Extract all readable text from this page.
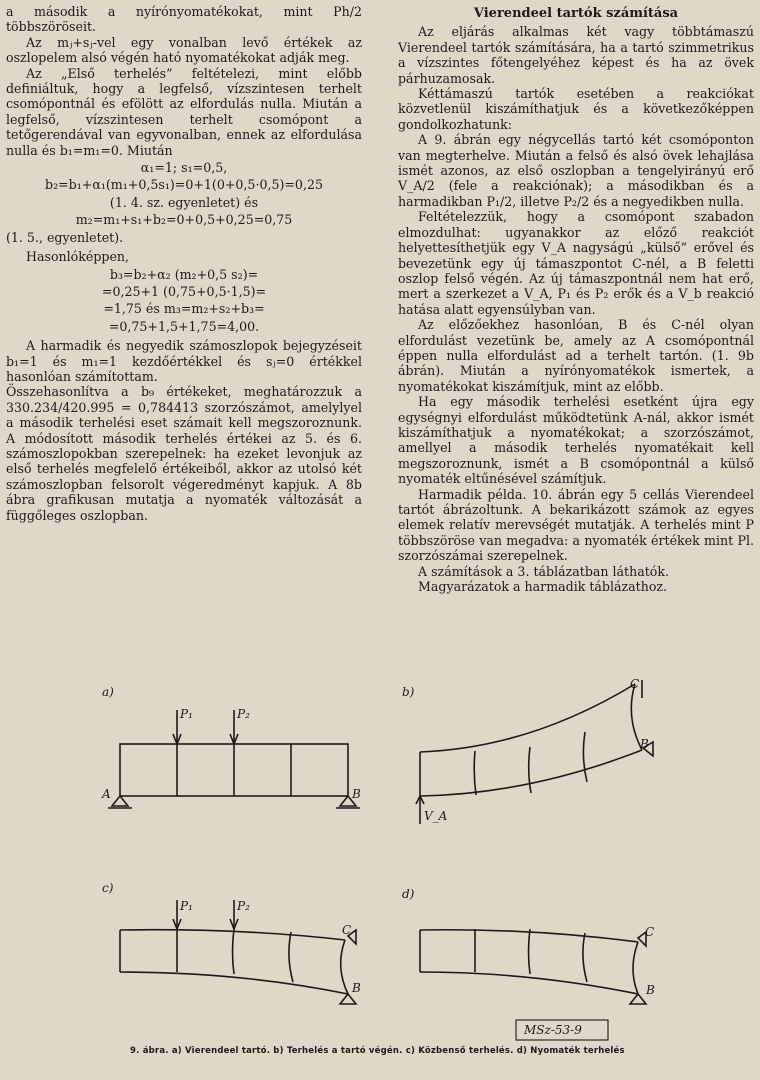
a második a nyírónyomatékokat, mint Ph/2 többszöröseit.

Az mⱼ+sⱼ-vel egy vonalban levő értékek az oszlopelem alsó végén ható nyomatékokat adják meg.

Az „Első terhelés” feltételezi, mint előbb definiáltuk, hogy a legfelső, vízszintesen terhelt csomópontnál és efölött az elfordulás nulla. Miután a legfelső, vízszintesen terhelt csomópont a tetőgerendával van egyvonalban, ennek az elfordulása nulla és b₁=m₁=0. Miután

α₁=1; s₁=0,5,
b₂=b₁+α₁(m₁+0,5s₁)=0+1(0+0,5·0,5)=0,25
(1. 4. sz. egyenletet) és
m₂=m₁+s₁+b₂=0+0,5+0,25=0,75

(1. 5., egyenletet).

Hasonlóképpen,

b₃=b₂+α₂ (m₂+0,5 s₂)=
=0,25+1 (0,75+0,5·1,5)=
=1,75 és m₃=m₂+s₂+b₃=
=0,75+1,5+1,75=4,00.

A harmadik és negyedik számoszlopok bejegyzéseit b₁=1 és m₁=1 kezdőértékkel és sⱼ=0 értékkel hasonlóan számítottam.

Összehasonlítva a b₉ értékeket, meghatározzuk a 330.234/420.995 = 0,784413 szorzószámot, amelylyel a második terhelési eset számait kell megszoroznunk. A módosított második terhelés értékei az 5. és 6. számoszlopokban szerepelnek: ha ezeket levonjuk az első terhelés megfelelő értékeiből, akkor az utolsó két számoszlopban felsorolt végeredményt kapjuk. A 8b ábra grafikusan mutatja a nyomaték változását a függőleges oszlopban.

Vierendeel tartók számítása

Az eljárás alkalmas két vagy többtámaszú Vierendeel tartók számítására, ha a tartó szimmetrikus a vízszintes főtengelyéhez képest és ha az övek párhuzamosak.

Kéttámaszú tartók esetében a reakciókat közvetlenül kiszámíthatjuk és a következőképpen gondolkozhatunk:

A 9. ábrán egy négycellás tartó két csomóponton van megterhelve. Miután a felső és alsó övek lehajlása ismét azonos, az első oszlopban a tengelyirányú erő V_A/2 (fele a reakciónak); a másodikban és a harmadikban P₁/2, illetve P₂/2 és a negyedikben nulla.

Feltételezzük, hogy a csomópont szabadon elmozdulhat: ugyanakkor az előző reakciót helyettesíthetjük egy V_A nagyságú „külső” erővel és bevezetünk egy új támaszpontot C-nél, a B feletti oszlop felső végén. Az új támaszpontnál nem hat erő, mert a szerkezet a V_A, P₁ és P₂ erők és a V_b reakció hatása alatt egyensúlyban van.

Az előzőekhez hasonlóan, B és C-nél olyan elfordulást vezetünk be, amely az A csomópontnál éppen nulla elfordulást ad a terhelt tartón. (1. 9b ábrán). Miután a nyírónyomatékok ismertek, a nyomatékokat kiszámítjuk, mint az előbb.

Ha egy második terhelési esetként újra egy egységnyi elfordulást működtetünk A-nál, akkor ismét kiszámíthatjuk a nyomatékokat; a szorzószámot, amellyel a második terhelés nyomatékait kell megszoroznunk, ismét a B csomópontnál a külső nyomaték eltűnésével számítjuk.

Harmadik példa. 10. ábrán egy 5 cellás Vierendeel tartót ábrázoltunk. A bekarikázott számok az egyes elemek relatív merevségét mutatják. A terhelés mint P többszöröse van megadva: a nyomaték értékek mint Pl. szorzószámai szerepelnek.

A számítások a 3. táblázatban láthatók.

Magyarázatok a harmadik táblázathoz.

a)	b)
c)	d)
P₁	P₂
A	B
C
B
V_A
P₁	P₂
C
B
C
B
MSz-53-9
9. ábra. a) Vierendeel tartó. b) Terhelés a tartó végén. c) Közbenső terhelés. d) Nyomaték terhelés
